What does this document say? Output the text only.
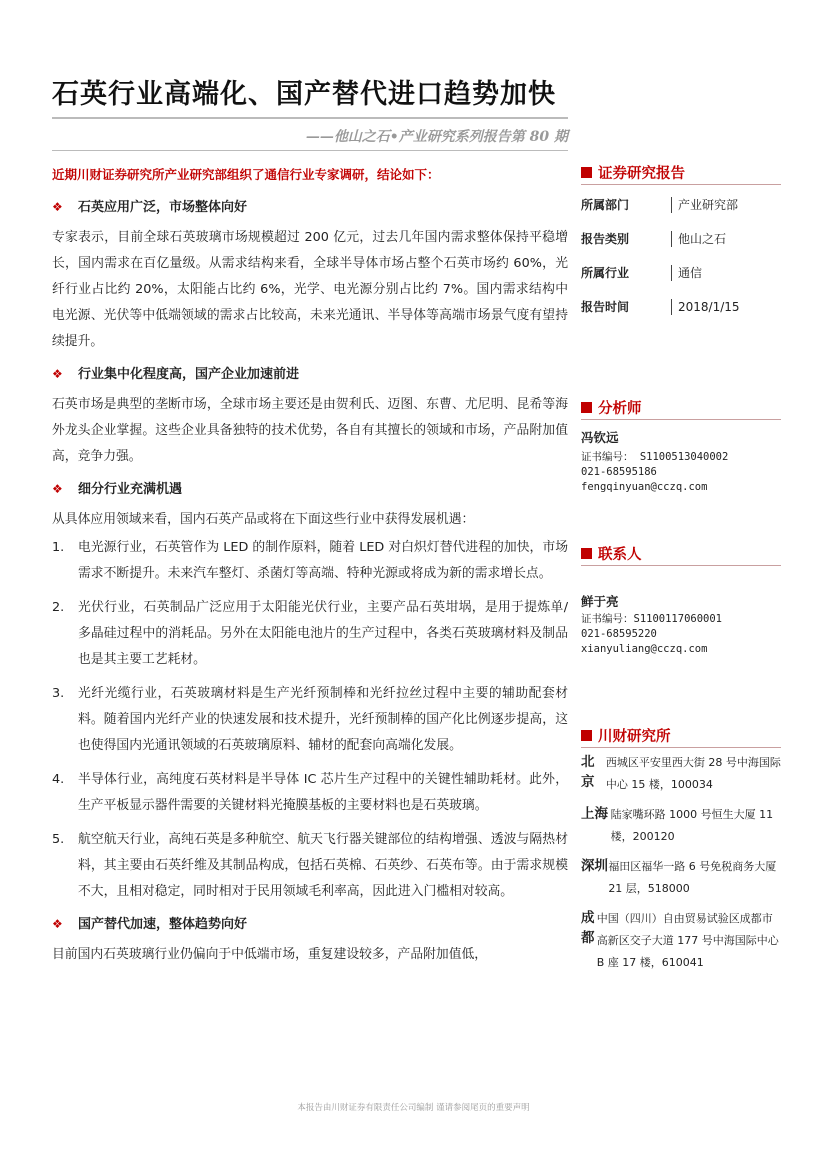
石英行业高端化、国产替代进口趋势加快
——他山之石•产业研究系列报告第 80 期
近期川财证券研究所产业研究部组织了通信行业专家调研，结论如下：
❖ 石英应用广泛，市场整体向好

专家表示，目前全球石英玻璃市场规模超过 200 亿元，过去几年国内需求整体保持平稳增长，国内需求在百亿量级。从需求结构来看，全球半导体市场占整个石英市场约 60%，光纤行业占比约 20%，太阳能占比约 6%，光学、电光源分别占比约 7%。国内需求结构中电光源、光伏等中低端领域的需求占比较高，未来光通讯、半导体等高端市场景气度有望持续提升。

❖ 行业集中化程度高，国产企业加速前进

石英市场是典型的垄断市场，全球市场主要还是由贺利氏、迈图、东曹、尤尼明、昆希等海外龙头企业掌握。这些企业具备独特的技术优势，各自有其擅长的领域和市场，产品附加值高，竞争力强。

❖ 细分行业充满机遇

从具体应用领域来看，国内石英产品或将在下面这些行业中获得发展机遇：

1.	电光源行业，石英管作为 LED 的制作原料，随着 LED 对白炽灯替代进程的加快，市场需求不断提升。未来汽车整灯、杀菌灯等高端、特种光源或将成为新的需求增长点。
2.	光伏行业，石英制品广泛应用于太阳能光伏行业，主要产品石英坩埚，是用于提炼单/多晶硅过程中的消耗品。另外在太阳能电池片的生产过程中，各类石英玻璃材料及制品也是其主要工艺耗材。
3.	光纤光缆行业，石英玻璃材料是生产光纤预制棒和光纤拉丝过程中主要的辅助配套材料。随着国内光纤产业的快速发展和技术提升，光纤预制棒的国产化比例逐步提高，这也使得国内光通讯领域的石英玻璃原料、辅材的配套向高端化发展。
4.	半导体行业，高纯度石英材料是半导体 IC 芯片生产过程中的关键性辅助耗材。此外，生产平板显示器件需要的关键材料光掩膜基板的主要材料也是石英玻璃。
5.	航空航天行业，高纯石英是多种航空、航天飞行器关键部位的结构增强、透波与隔热材料，其主要由石英纤维及其制品构成，包括石英棉、石英纱、石英布等。由于需求规模不大，且相对稳定，同时相对于民用领域毛利率高，因此进入门槛相对较高。
❖ 国产替代加速，整体趋势向好

目前国内石英玻璃行业仍偏向于中低端市场，重复建设较多，产品附加值低，

证券研究报告
所属部门	产业研究部
报告类别	他山之石
所属行业	通信
报告时间	2018/1/15
分析师
冯钦远
证书编号： S1100513040002
021-68595186
fengqinyuan@cczq.com
联系人
鲜于亮
证书编号：S1100117060001
021-68595220
xianyuliang@cczq.com
川财研究所
北京
西城区平安里西大街 28 号中海国际中心 15 楼，100034
上海 陆家嘴环路 1000 号恒生大厦 11 楼，200120
深圳 福田区福华一路 6 号免税商务大厦 21 层，518000
成都
中国（四川）自由贸易试验区成都市高新区交子大道 177 号中海国际中心 B 座 17 楼，610041
本报告由川财证券有限责任公司编制 谨请参阅尾页的重要声明
